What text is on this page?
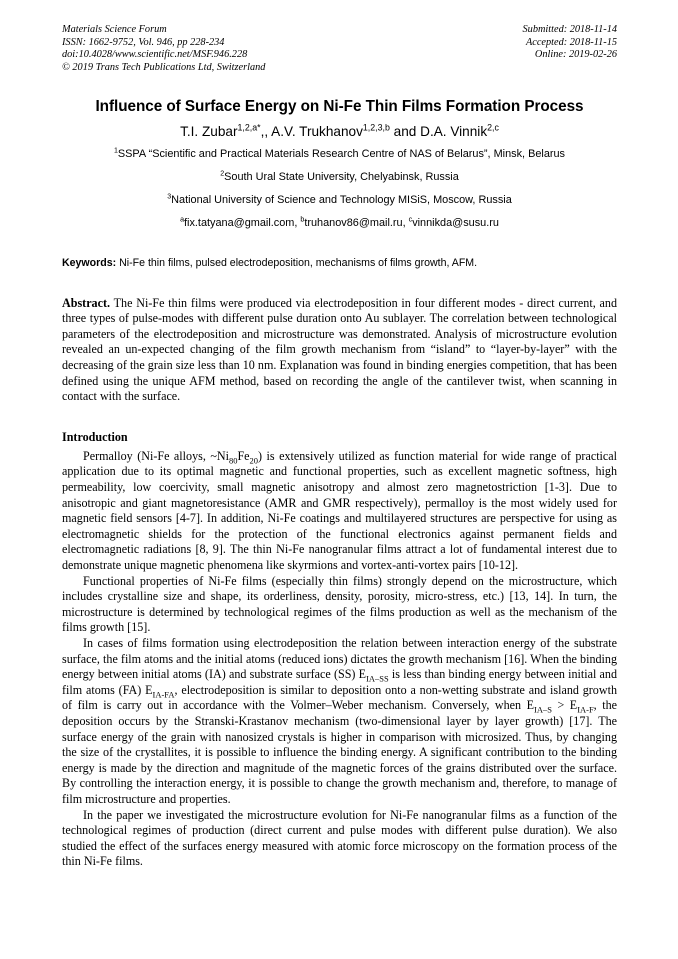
Materials Science Forum
ISSN: 1662-9752, Vol. 946, pp 228-234
doi:10.4028/www.scientific.net/MSF.946.228
© 2019 Trans Tech Publications Ltd, Switzerland
Submitted: 2018-11-14
Accepted: 2018-11-15
Online: 2019-02-26
Influence of Surface Energy on Ni-Fe Thin Films Formation Process
T.I. Zubar$^{1,2,a*}$,, A.V. Trukhanov$^{1,2,3,b}$ and D.A. Vinnik$^{2,c}$
$^1$SSPA “Scientific and Practical Materials Research Centre of NAS of Belarus”, Minsk, Belarus
$^2$South Ural State University, Chelyabinsk, Russia
$^3$National University of Science and Technology MISiS, Moscow, Russia
$^a$fix.tatyana@gmail.com, $^b$truhanov86@mail.ru, $^c$vinnikda@susu.ru
Keywords: Ni-Fe thin films, pulsed electrodeposition, mechanisms of films growth, AFM.
Abstract. The Ni-Fe thin films were produced via electrodeposition in four different modes - direct current, and three types of pulse-modes with different pulse duration onto Au sublayer. The correlation between technological parameters of the electrodeposition and microstructure was demonstrated. Analysis of microstructure evolution revealed an un-expected changing of the film growth mechanism from “island” to “layer-by-layer” with the decreasing of the grain size less than 10 nm. Explanation was found in binding energies competition, that has been defined using the unique AFM method, based on recording the angle of the cantilever twist, when scanning in contact with the surface.
Introduction

Permalloy (Ni-Fe alloys, $\sim Ni_{80}Fe_{20}$) is extensively utilized as function material for wide range of practical application due to its optimal magnetic and functional properties, such as excellent magnetic softness, high permeability, low coercivity, small magnetic anisotropy and almost zero magnetostriction [1-3]. Due to anisotropic and giant magnetoresistance (AMR and GMR respectively), permalloy is the most widely used for magnetic field sensors [4-7]. In addition, Ni-Fe coatings and multilayered structures are perspective for using as electromagnetic shields for the protection of the functional electronics against permanent fields and electromagnetic radiations [8, 9]. The thin Ni-Fe nanogranular films attract a lot of fundamental interest due to demonstrate unique magnetic phenomena like skyrmions and vortex-anti-vortex pairs [10-12].

Functional properties of Ni-Fe films (especially thin films) strongly depend on the microstructure, which includes crystalline size and shape, its orderliness, density, porosity, micro-stress, etc.) [13, 14]. In turn, the microstructure is determined by technological regimes of the films production as well as the mechanism of the films growth [15].

In cases of films formation using electrodeposition the relation between interaction energy of the substrate surface, the film atoms and the initial atoms (reduced ions) dictates the growth mechanism [16]. When the binding energy between initial atoms (IA) and substrate surface (SS) $E_{IA-SS}$ is less than binding energy between initial and film atoms (FA) $E_{IA-FA}$, electrodeposition is similar to deposition onto a non-wetting substrate and island growth of film is carry out in accordance with the Volmer–Weber mechanism. Conversely, when $E_{IA-S} > E_{IA-F}$, the deposition occurs by the Stranski-Krastanov mechanism (two-dimensional layer by layer growth) [17]. The surface energy of the grain with nanosized crystals is higher in comparison with microsized. Thus, by changing the size of the crystallites, it is possible to influence the binding energy. A significant contribution to the binding energy is made by the direction and magnitude of the magnetic forces of the grains distributed over the surface. By controlling the interaction energy, it is possible to change the growth mechanism and, therefore, to manage of film microstructure and properties.

In the paper we investigated the microstructure evolution for Ni-Fe nanogranular films as a function of the technological regimes of production (direct current and pulse modes with different pulse duration). We also studied the effect of the surfaces energy measured with atomic force microscopy on the formation process of the thin Ni-Fe films.
